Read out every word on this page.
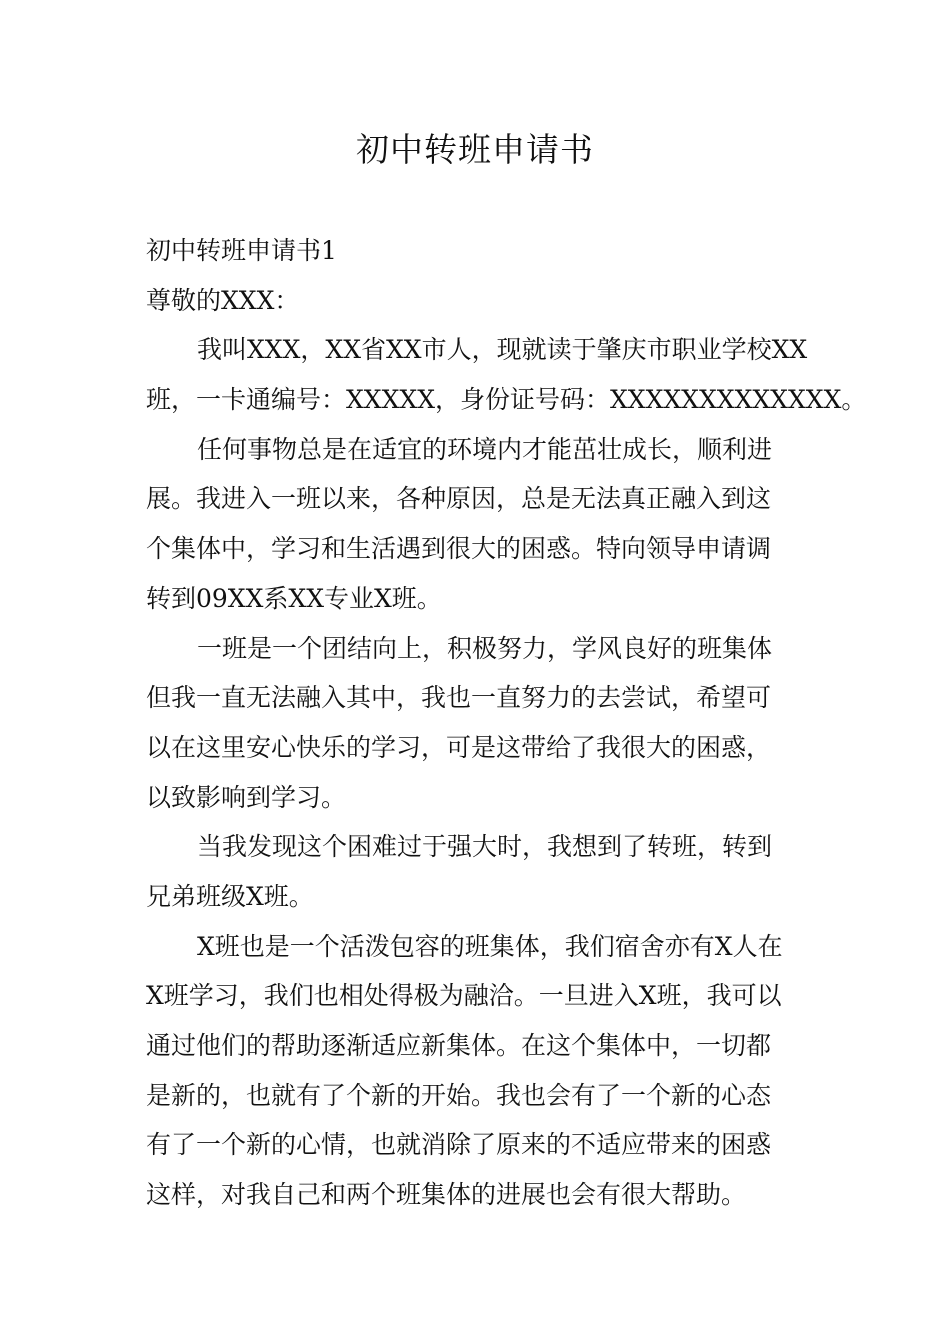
初中转班申请书
初中转班申请书1
尊敬的XXX：
我叫XXX，XX省XX市人，现就读于肇庆市职业学校XX
班，一卡通编号：XXXXX，身份证号码：XXXXXXXXXXXXX。
任何事物总是在适宜的环境内才能茁壮成长，顺利进
展。我进入一班以来，各种原因，总是无法真正融入到这
个集体中，学习和生活遇到很大的困惑。特向领导申请调
转到09XX系XX专业X班。
一班是一个团结向上，积极努力，学风良好的班集体
但我一直无法融入其中，我也一直努力的去尝试，希望可
以在这里安心快乐的学习，可是这带给了我很大的困惑，
以致影响到学习。
当我发现这个困难过于强大时，我想到了转班，转到
兄弟班级X班。
X班也是一个活泼包容的班集体，我们宿舍亦有X人在
X班学习，我们也相处得极为融洽。一旦进入X班，我可以
通过他们的帮助逐渐适应新集体。在这个集体中，一切都
是新的，也就有了个新的开始。我也会有了一个新的心态
有了一个新的心情，也就消除了原来的不适应带来的困惑
这样，对我自己和两个班集体的进展也会有很大帮助。
